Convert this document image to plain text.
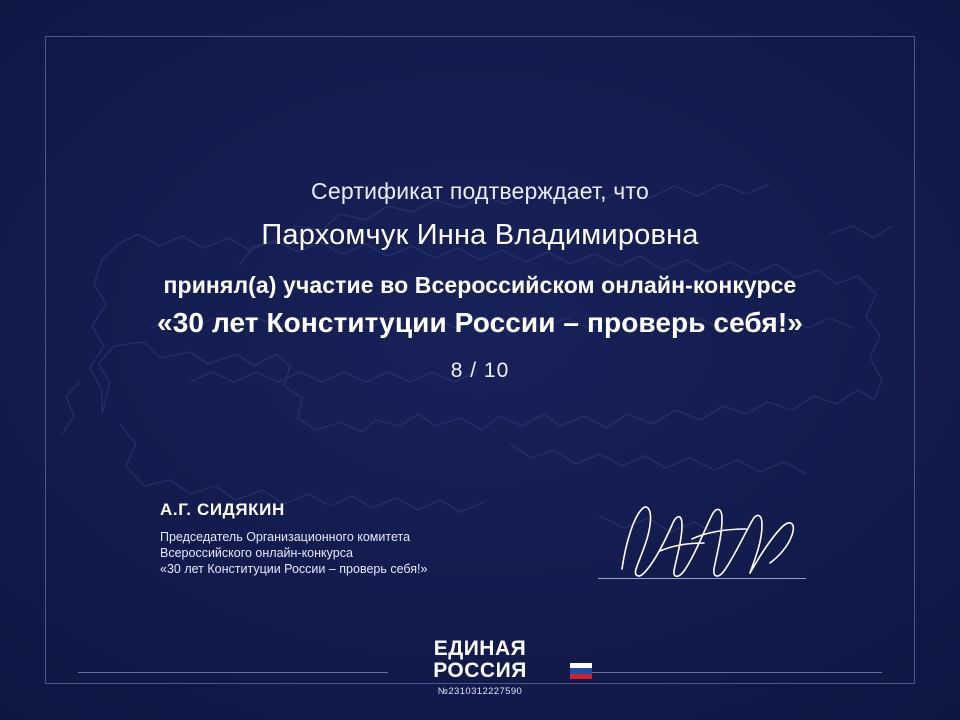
Сертификат подтверждает, что
Пархомчук Инна Владимировна
принял(а) участие во Всероссийском онлайн-конкурсе
«30 лет Конституции России – проверь себя!»
8 / 10
А.Г. СИДЯКИН
Председатель Организационного комитета
Всероссийского онлайн-конкурса
«30 лет Конституции России – проверь себя!»
ЕДИНАЯ
РОССИЯ
№2310312227590
